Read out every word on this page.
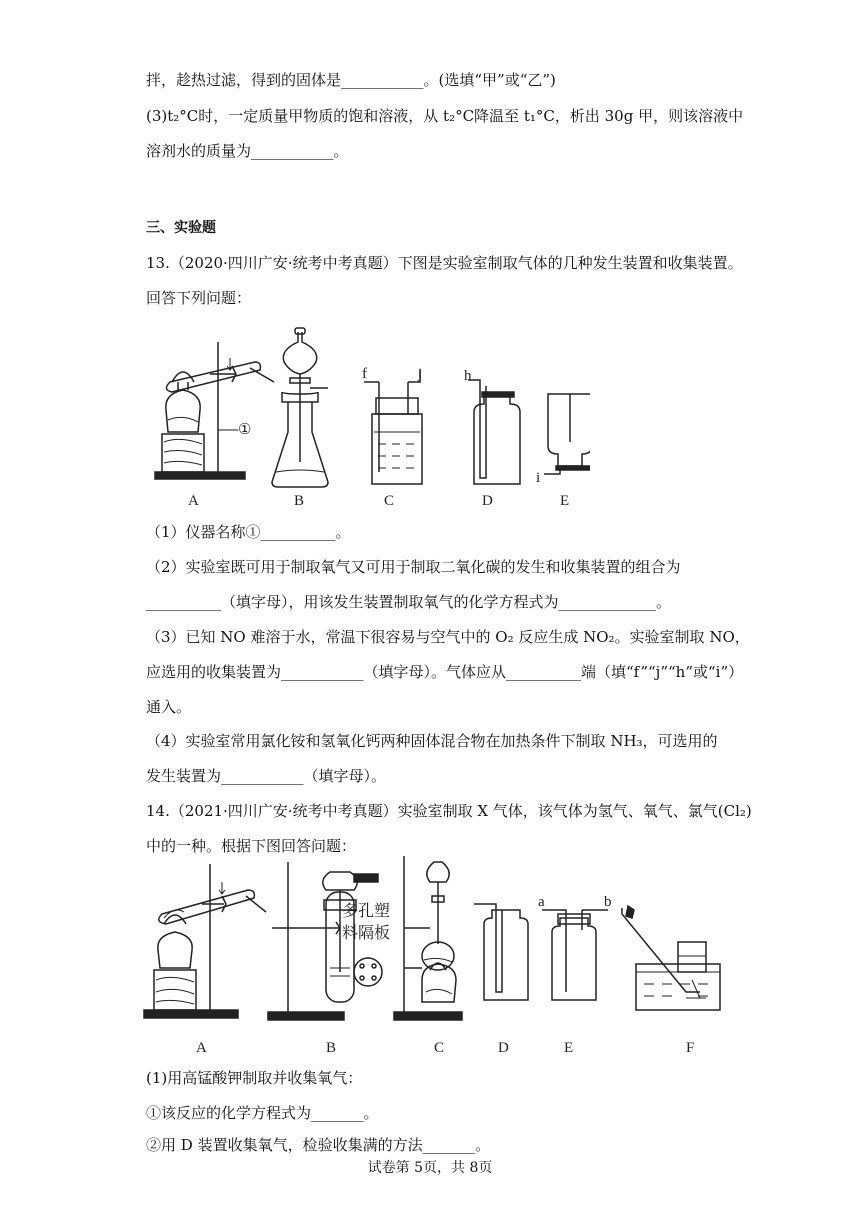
拌，趁热过滤，得到的固体是___________。(选填“甲”或“乙”)
(3)t₂°C时，一定质量甲物质的饱和溶液，从 t₂°C降温至 t₁°C，析出 30g 甲，则该溶液中
溶剂水的质量为___________。
三、实验题
13.（2020·四川广安·统考中考真题）下图是实验室制取气体的几种发生装置和收集装置。
回答下列问题：
①
A	B
f	j
C
h
D
i
E
（1）仪器名称①__________。
（2）实验室既可用于制取氧气又可用于制取二氧化碳的发生和收集装置的组合为
__________（填字母），用该发生装置制取氧气的化学方程式为_____________。
（3）已知 NO 难溶于水，常温下很容易与空气中的 O₂ 反应生成 NO₂。实验室制取 NO，
应选用的收集装置为___________（填字母）。气体应从__________端（填“f”“j”“h”或“i”）
通入。
（4）实验室常用氯化铵和氢氧化钙两种固体混合物在加热条件下制取 NH₃，可选用的
发生装置为___________（填字母）。
14.（2021·四川广安·统考中考真题）实验室制取 X 气体，该气体为氢气、氧气、氯气(Cl₂)
中的一种。根据下图回答问题：
A
多孔塑
料隔板
B	C	D
a	b
E	F
(1)用高锰酸钾制取并收集氧气：
①该反应的化学方程式为_______。
②用 D 装置收集氧气，检验收集满的方法_______。
试卷第 5页，共 8页
